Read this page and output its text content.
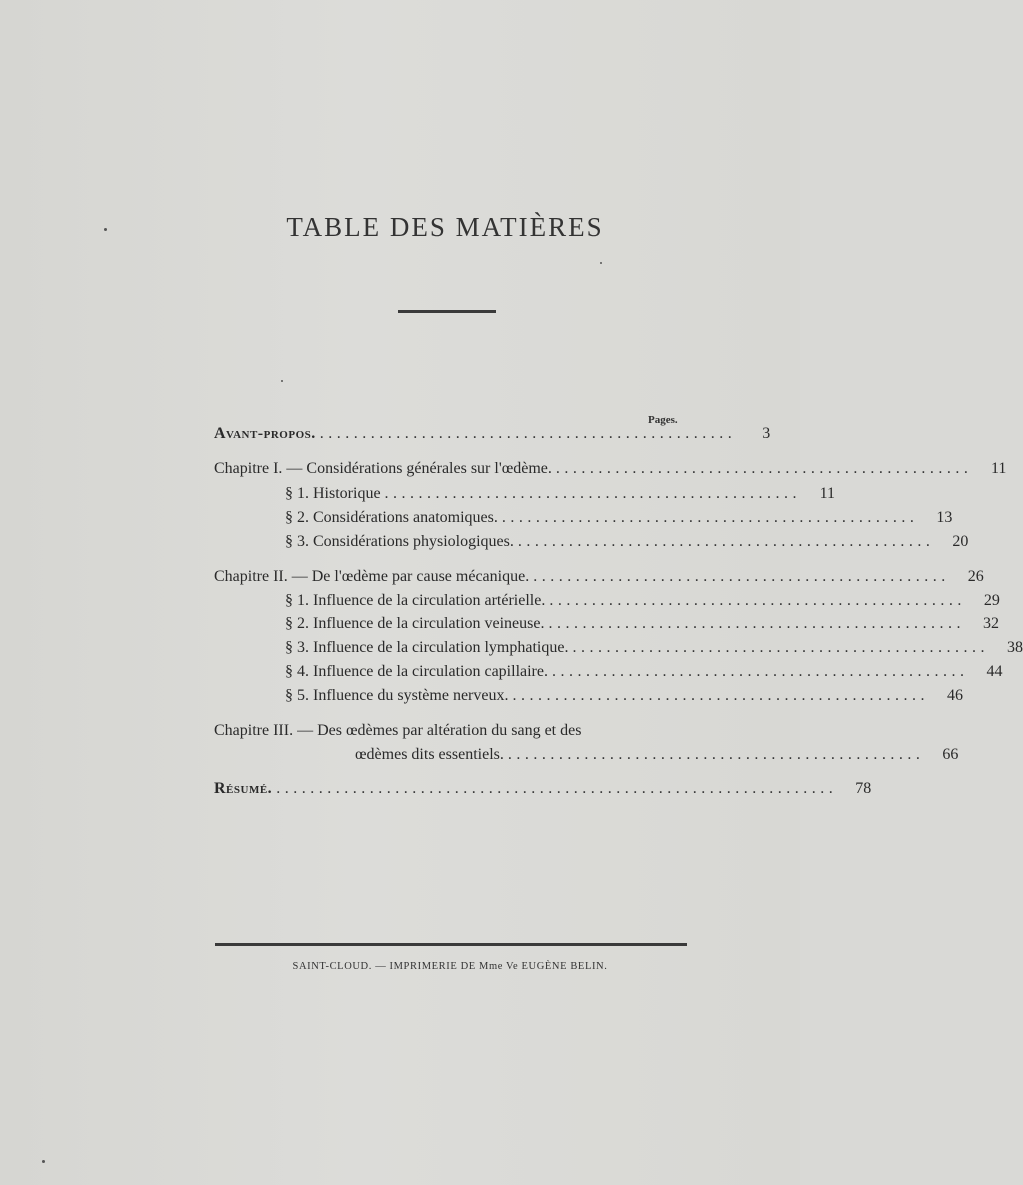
TABLE DES MATIÈRES
Pages.
Avant-propos. .................................................	3
Chapitre I. — Considérations générales sur l'œdème. .................................................	11
§ 1. Historique .................................................	11
§ 2. Considérations anatomiques. .................................................	13
§ 3. Considérations physiologiques. .................................................	20
Chapitre II. — De l'œdème par cause mécanique. .................................................	26
§ 1. Influence de la circulation artérielle. .................................................	29
§ 2. Influence de la circulation veineuse. .................................................	32
§ 3. Influence de la circulation lymphatique. .................................................	38
§ 4. Influence de la circulation capillaire. .................................................	44
§ 5. Influence du système nerveux. .................................................	46
Chapitre III. — Des œdèmes par altération du sang et des
œdèmes dits essentiels. .................................................	66
Résumé. ..................................................................	78
SAINT-CLOUD. — IMPRIMERIE DE Mme Ve EUGÈNE BELIN.
